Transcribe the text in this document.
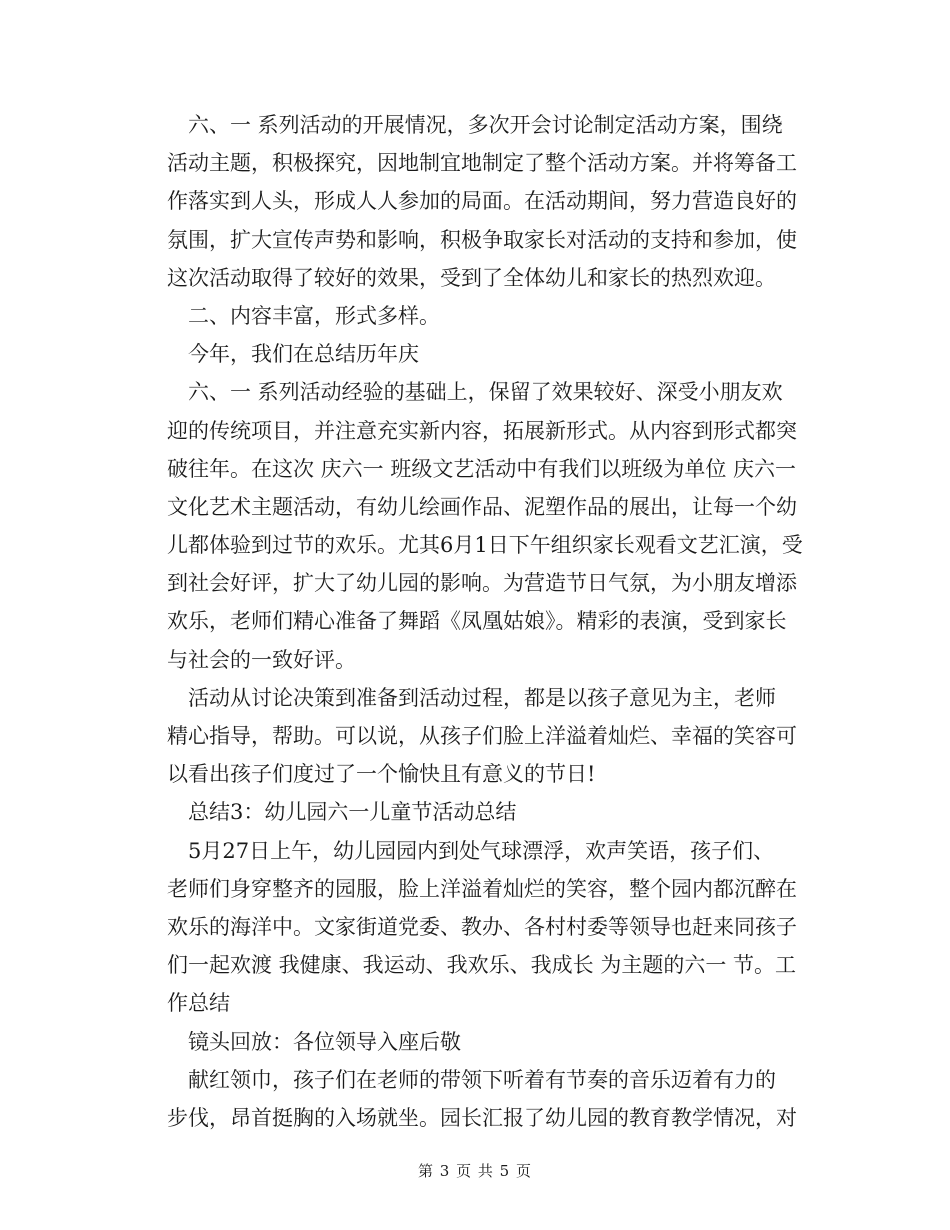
六、一 系列活动的开展情况，多次开会讨论制定活动方案，围绕
活动主题，积极探究，因地制宜地制定了整个活动方案。并将筹备工
作落实到人头，形成人人参加的局面。在活动期间，努力营造良好的
氛围，扩大宣传声势和影响，积极争取家长对活动的支持和参加，使
这次活动取得了较好的效果，受到了全体幼儿和家长的热烈欢迎。
二、内容丰富，形式多样。
今年，我们在总结历年庆
六、一 系列活动经验的基础上，保留了效果较好、深受小朋友欢
迎的传统项目，并注意充实新内容，拓展新形式。从内容到形式都突
破往年。在这次 庆六一 班级文艺活动中有我们以班级为单位 庆六一
文化艺术主题活动，有幼儿绘画作品、泥塑作品的展出，让每一个幼
儿都体验到过节的欢乐。尤其6月1日下午组织家长观看文艺汇演，受
到社会好评，扩大了幼儿园的影响。为营造节日气氛，为小朋友增添
欢乐，老师们精心准备了舞蹈《凤凰姑娘》。精彩的表演，受到家长
与社会的一致好评。
活动从讨论决策到准备到活动过程，都是以孩子意见为主，老师
精心指导，帮助。可以说，从孩子们脸上洋溢着灿烂、幸福的笑容可
以看出孩子们度过了一个愉快且有意义的节日!
总结3：幼儿园六一儿童节活动总结
5月27日上午，幼儿园园内到处气球漂浮，欢声笑语，孩子们、
老师们身穿整齐的园服，脸上洋溢着灿烂的笑容，整个园内都沉醉在
欢乐的海洋中。文家街道党委、教办、各村村委等领导也赶来同孩子
们一起欢渡 我健康、我运动、我欢乐、我成长 为主题的六一 节。工
作总结
镜头回放：各位领导入座后敬
献红领巾，孩子们在老师的带领下听着有节奏的音乐迈着有力的
步伐，昂首挺胸的入场就坐。园长汇报了幼儿园的教育教学情况，对
第 3 页 共 5 页
